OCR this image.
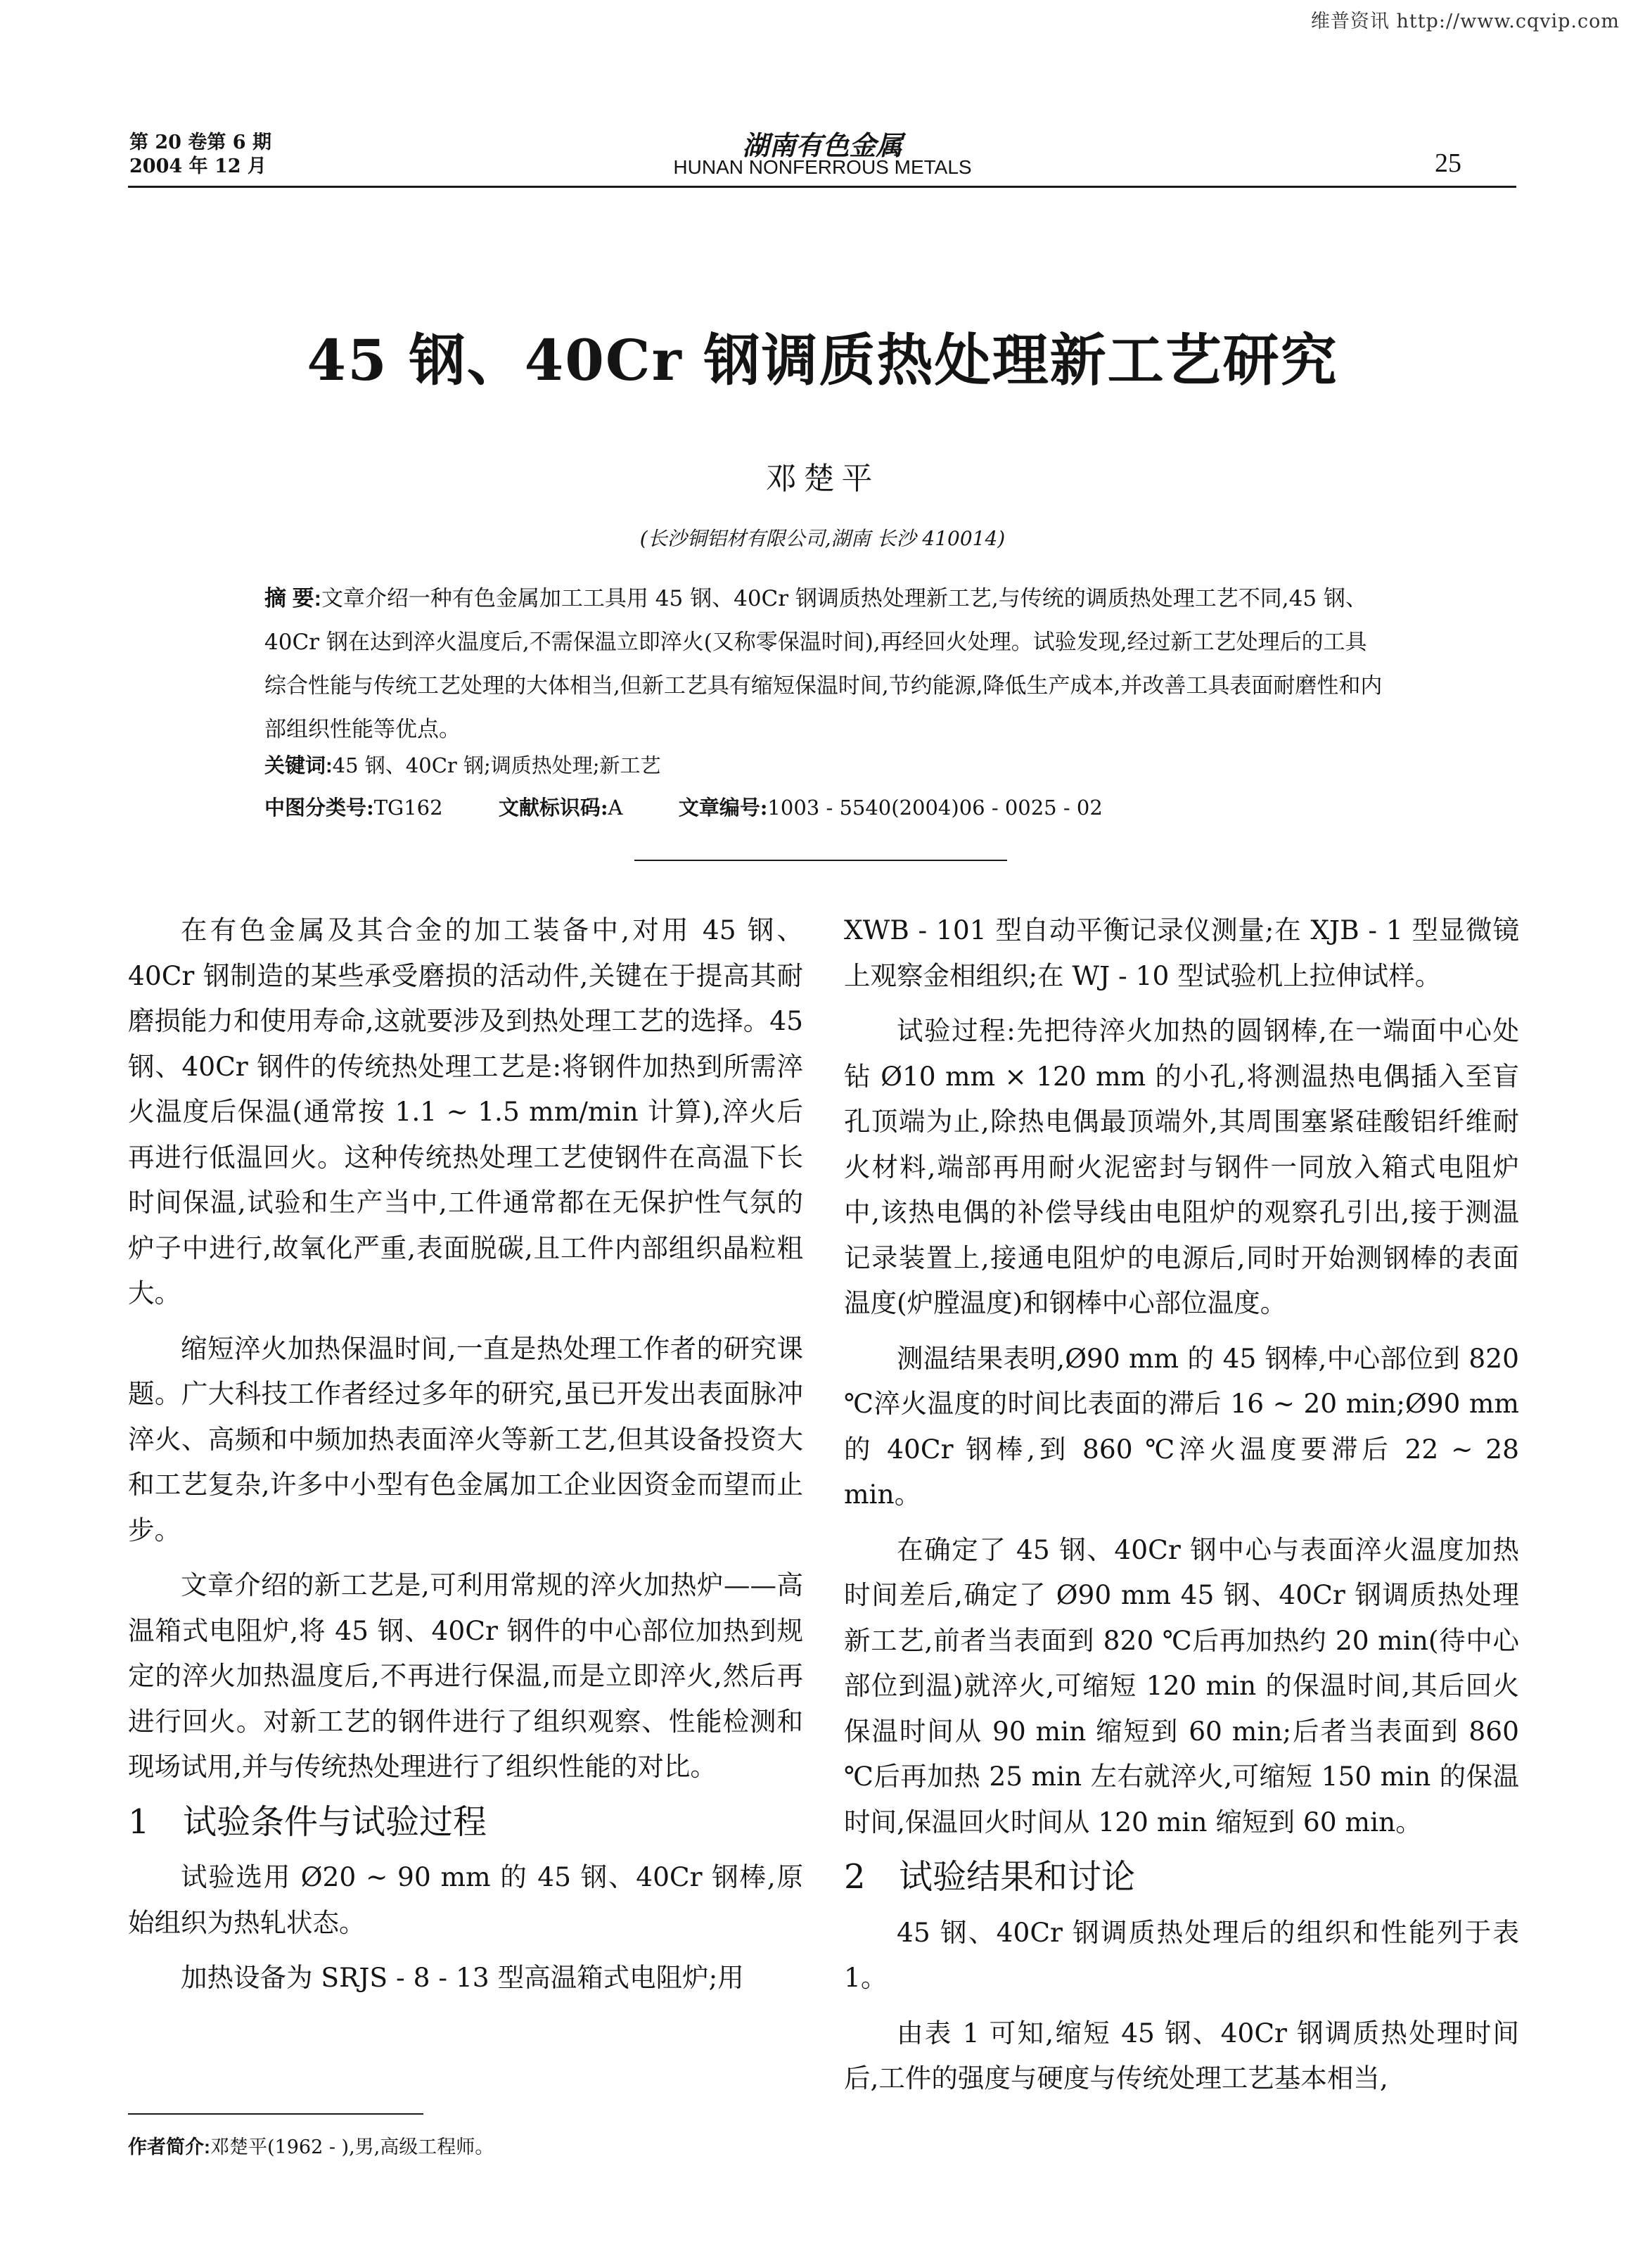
维普资讯 http://www.cqvip.com
第 20 卷第 6 期
2004 年 12 月
湖南有色金属
HUNAN NONFERROUS METALS	25
45 钢、40Cr 钢调质热处理新工艺研究
邓楚平
(长沙铜铝材有限公司,湖南 长沙 410014)
摘 要:文章介绍一种有色金属加工工具用 45 钢、40Cr 钢调质热处理新工艺,与传统的调质热处理工艺不同,45 钢、40Cr 钢在达到淬火温度后,不需保温立即淬火(又称零保温时间),再经回火处理。试验发现,经过新工艺处理后的工具综合性能与传统工艺处理的大体相当,但新工艺具有缩短保温时间,节约能源,降低生产成本,并改善工具表面耐磨性和内部组织性能等优点。
关键词:45 钢、40Cr 钢;调质热处理;新工艺
中图分类号:TG162	文献标识码:A	文章编号:1003 - 5540(2004)06 - 0025 - 02

在有色金属及其合金的加工装备中,对用 45 钢、40Cr 钢制造的某些承受磨损的活动件,关键在于提高其耐磨损能力和使用寿命,这就要涉及到热处理工艺的选择。45 钢、40Cr 钢件的传统热处理工艺是:将钢件加热到所需淬火温度后保温(通常按 1.1 ~ 1.5 mm/min 计算),淬火后再进行低温回火。这种传统热处理工艺使钢件在高温下长时间保温,试验和生产当中,工件通常都在无保护性气氛的炉子中进行,故氧化严重,表面脱碳,且工件内部组织晶粒粗大。

缩短淬火加热保温时间,一直是热处理工作者的研究课题。广大科技工作者经过多年的研究,虽已开发出表面脉冲淬火、高频和中频加热表面淬火等新工艺,但其设备投资大和工艺复杂,许多中小型有色金属加工企业因资金而望而止步。

文章介绍的新工艺是,可利用常规的淬火加热炉——高温箱式电阻炉,将 45 钢、40Cr 钢件的中心部位加热到规定的淬火加热温度后,不再进行保温,而是立即淬火,然后再进行回火。对新工艺的钢件进行了组织观察、性能检测和现场试用,并与传统热处理进行了组织性能的对比。

1 试验条件与试验过程

试验选用 Ø20 ~ 90 mm 的 45 钢、40Cr 钢棒,原始组织为热轧状态。

加热设备为 SRJS - 8 - 13 型高温箱式电阻炉;用

XWB - 101 型自动平衡记录仪测量;在 XJB - 1 型显微镜上观察金相组织;在 WJ - 10 型试验机上拉伸试样。

试验过程:先把待淬火加热的圆钢棒,在一端面中心处钻 Ø10 mm × 120 mm 的小孔,将测温热电偶插入至盲孔顶端为止,除热电偶最顶端外,其周围塞紧硅酸铝纤维耐火材料,端部再用耐火泥密封与钢件一同放入箱式电阻炉中,该热电偶的补偿导线由电阻炉的观察孔引出,接于测温记录装置上,接通电阻炉的电源后,同时开始测钢棒的表面温度(炉膛温度)和钢棒中心部位温度。

测温结果表明,Ø90 mm 的 45 钢棒,中心部位到 820 ℃淬火温度的时间比表面的滞后 16 ~ 20 min;Ø90 mm 的 40Cr 钢棒,到 860 ℃淬火温度要滞后 22 ~ 28 min。

在确定了 45 钢、40Cr 钢中心与表面淬火温度加热时间差后,确定了 Ø90 mm 45 钢、40Cr 钢调质热处理新工艺,前者当表面到 820 ℃后再加热约 20 min(待中心部位到温)就淬火,可缩短 120 min 的保温时间,其后回火保温时间从 90 min 缩短到 60 min;后者当表面到 860 ℃后再加热 25 min 左右就淬火,可缩短 150 min 的保温时间,保温回火时间从 120 min 缩短到 60 min。

2 试验结果和讨论

45 钢、40Cr 钢调质热处理后的组织和性能列于表 1。

由表 1 可知,缩短 45 钢、40Cr 钢调质热处理时间后,工件的强度与硬度与传统处理工艺基本相当,

作者简介:邓楚平(1962 - ),男,高级工程师。
